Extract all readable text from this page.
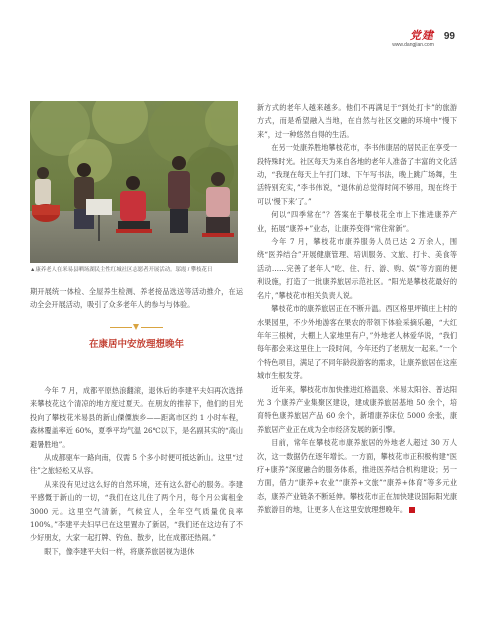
党建
www.dangjian.com
99
▲康养老人在米易县晒场湖民主性红城社区志愿者开展活动。邬霞 / 攀枝花日

期开展统一体检、全屋养生检测、养老接品选送等活动推介，在运动全会开展活动，吸引了众多老年人的参与与体验。

在康居中安放理想晚年

今年 7 月，成都平原热浪翻滚，退休后的李建平夫妇再次选择来攀枝花这个清凉的地方度过夏天。在朋友的推荐下，他们的目光投向了攀枝花米易县的新山傈僳族乡——距离市区约 1 小时车程，森林覆盖率近 60%，夏季平均气温 26℃以下，是名副其实的“高山避暑胜地”。

从成都驱车一路向南，仅需 5 个多小时便可抵达新山。这里“过往”之旅轻松又从容。

从来没有见过这么好的自然环境，还有这么舒心的服务。李建平感慨于新山的一切，“我们在这儿住了两个月，每个月公寓租金 3000 元。这里空气清新，气候宜人，全年空气质量优良率 100%。”李建平夫妇早已在这里置办了新居，“我们还在这边有了不少好朋友，大家一起打牌、钓鱼、散步，比在成都还热闹。”

眼下，像李建平夫妇一样，将康养旅居视为退休

新方式的老年人越来越多。他们不再满足于“到处打卡”的旅游方式，而是希望融入当地，在自然与社区交融的环境中“慢下来”，过一种悠然自得的生活。

在另一处康养胜地攀枝花市，李书伟康居的居民正在享受一段特殊时光。社区每天为来自各地的老年人准备了丰富的文化活动，“我现在每天上午打门球、下午写书法，晚上跳广场舞，生活特别充实，”李书伟说，“退休前总觉得时间不够用，现在终于可以‘慢下来’了。”

何以“四季常在”？答案在于攀枝花全市上下推进康养产业，拓展“康养+”业态，让康养变得“常住常新”。

今年 7 月，攀枝花市康养服务人员已达 2 万余人，围绕“医养结合”开展健康管理、培训服务、文旅、打卡、美食等活动……完善了老年人“吃、住、行、游、购、娱”等方面的便利设施，打造了一批康养旅居示范社区。“阳光是攀枝花最好的名片，”攀枝花市相关负责人说。

攀枝花市的康养旅居正在不断升温。西区格里坪镇庄上村的水果园里，不少外地游客在果农的带领下体验采摘乐趣，“大红年年三根树，大棚上人家地里有户，”外地老人林爱华说，“我们每年都会来这里住上一段时间，今年还约了老朋友一起来。”一个个特色项目，满足了不同年龄段游客的需求，让康养旅居在这座城市生根发芽。

近年来，攀枝花市加快推进红格温泉、米易太阳谷、普达阳光 3 个康养产业集聚区建设，建成康养旅居基地 50 余个，培育特色康养旅居产品 60 余个，新增康养床位 5000 余张，康养旅居产业正在成为全市经济发展的新引擎。

目前，常年在攀枝花市康养旅居的外地老人超过 30 万人次，这一数据仍在逐年增长。一方面，攀枝花市正积极构建“医疗+康养”深度融合的服务体系，推进医养结合机构建设；另一方面，借力“康养+农业”“康养+文旅”“康养+体育”等多元业态，康养产业链条不断延伸。攀枝花市正在加快建设国际阳光康养旅游目的地，让更多人在这里安放理想晚年。
